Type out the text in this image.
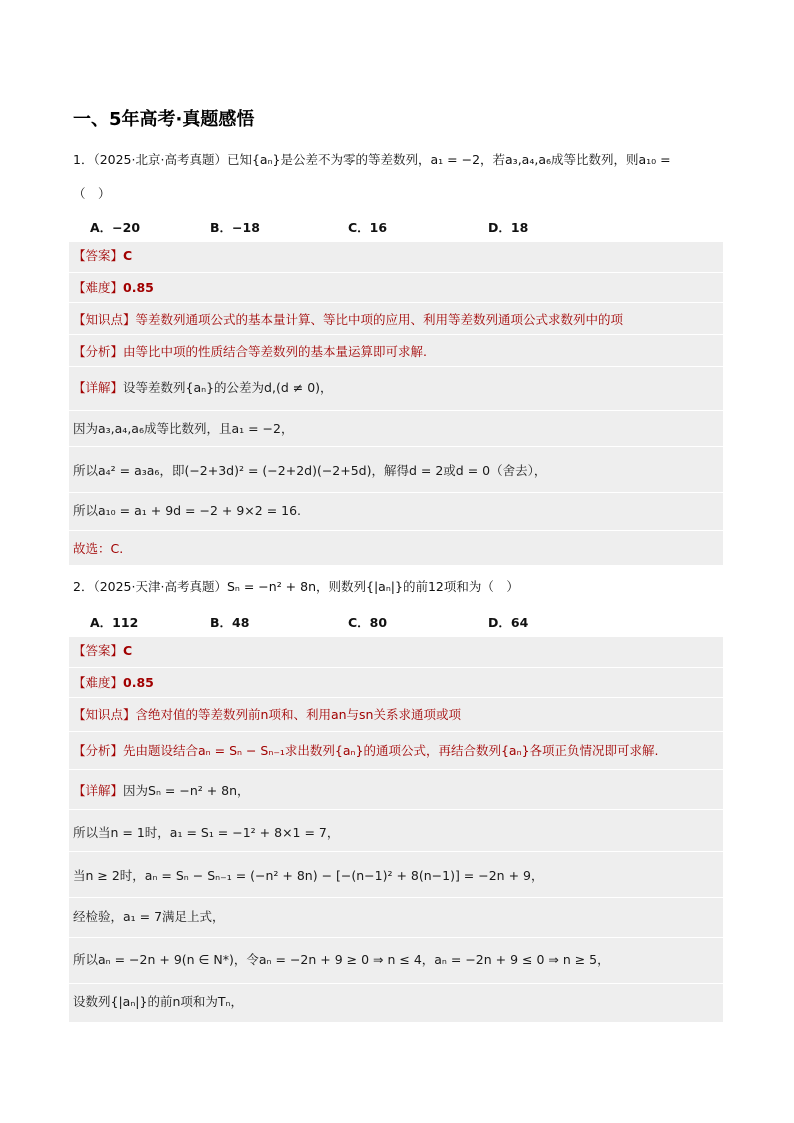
一、5年高考·真题感悟
1．（2025·北京·高考真题）已知{aₙ}是公差不为零的等差数列，a₁ = −2，若a₃,a₄,a₆成等比数列，则a₁₀ =
（　）
A．−20	B．−18	C．16	D．18
【答案】C
【难度】0.85
【知识点】等差数列通项公式的基本量计算、等比中项的应用、利用等差数列通项公式求数列中的项
【分析】由等比中项的性质结合等差数列的基本量运算即可求解.
【详解】设等差数列{aₙ}的公差为d,(d ≠ 0)，
因为a₃,a₄,a₆成等比数列，且a₁ = −2，
所以a₄² = a₃a₆，即(−2+3d)² = (−2+2d)(−2+5d)，解得d = 2或d = 0（舍去），
所以a₁₀ = a₁ + 9d = −2 + 9×2 = 16.
故选：C.
2．（2025·天津·高考真题）Sₙ = −n² + 8n，则数列{|aₙ|}的前12项和为（　）
A．112	B．48	C．80	D．64
【答案】C
【难度】0.85
【知识点】含绝对值的等差数列前n项和、利用an与sn关系求通项或项
【分析】先由题设结合aₙ = Sₙ − Sₙ₋₁求出数列{aₙ}的通项公式，再结合数列{aₙ}各项正负情况即可求解.
【详解】因为Sₙ = −n² + 8n，
所以当n = 1时，a₁ = S₁ = −1² + 8×1 = 7，
当n ≥ 2时，aₙ = Sₙ − Sₙ₋₁ = (−n² + 8n) − [−(n−1)² + 8(n−1)] = −2n + 9，
经检验，a₁ = 7满足上式，
所以aₙ = −2n + 9(n ∈ N*)，令aₙ = −2n + 9 ≥ 0 ⇒ n ≤ 4，aₙ = −2n + 9 ≤ 0 ⇒ n ≥ 5，
设数列{|aₙ|}的前n项和为Tₙ，
